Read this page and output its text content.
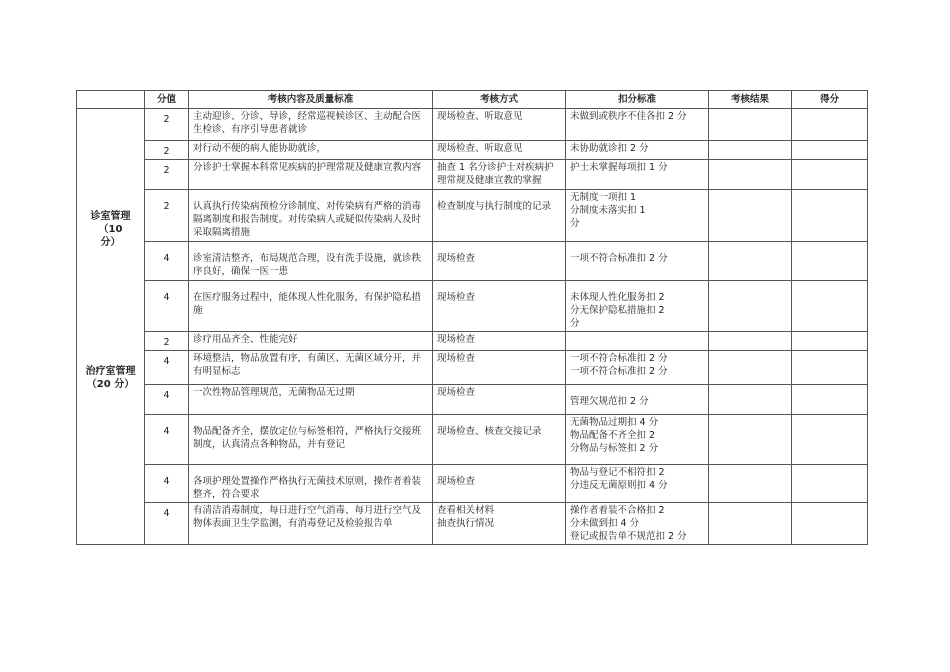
	分值	考核内容及质量标准	考核方式	扣分标准	考核结果	得分
诊室管理
（10
分）	2	主动迎诊、分诊、导诊，经常巡视候诊区、主动配合医生检诊、有序引导患者就诊	现场检查、听取意见	未做到或秩序不佳各扣 2 分		
	2	对行动不便的病人能协助就诊，	现场检查、听取意见	未协助就诊扣 2 分		
	2	分诊护士掌握本科常见疾病的护理常规及健康宣教内容	抽查 1 名分诊护士对疾病护理常规及健康宣教的掌握	护士未掌握每项扣 1 分		
	2	认真执行传染病预检分诊制度、对传染病有严格的消毒隔离制度和报告制度。对传染病人或疑似传染病人及时采取隔离措施	检查制度与执行制度的记录	无制度一项扣 1
分制度未落实扣 1
分		
	4	诊室清洁整齐，布局规范合理，设有洗手设施，就诊秩序良好，确保一医一患	现场检查	一项不符合标准扣 2 分		
	4	在医疗服务过程中，能体现人性化服务，有保护隐私措施	现场检查	未体现人性化服务扣 2
分无保护隐私措施扣 2
分		
	2	诊疗用品齐全、性能完好	现场检查			
治疗室管理
（20 分）	4	环境整洁，物品放置有序，有菌区、无菌区域分开，并有明显标志	现场检查	一项不符合标准扣 2 分
一项不符合标准扣 2 分		
	4	一次性物品管理规范，无菌物品无过期	现场检查	管理欠规范扣 2 分		
	4	物品配备齐全，摆放定位与标签相符，严格执行交接班制度，认真清点各种物品，并有登记	现场检查、核查交接记录	无菌物品过期扣 4 分
物品配备不齐全扣 2
分物品与标签扣 2 分		
	4	各项护理处置操作严格执行无菌技术原则，操作者着装整齐，符合要求	现场检查	物品与登记不相符扣 2
分违反无菌原则扣 4 分		
	4	有清洁消毒制度，每日进行空气消毒、每月进行空气及物体表面卫生学监测，有消毒登记及检验报告单	查看相关材料
抽查执行情况	操作者着装不合格扣 2
分未做到扣 4 分
登记或报告单不规范扣 2 分		
